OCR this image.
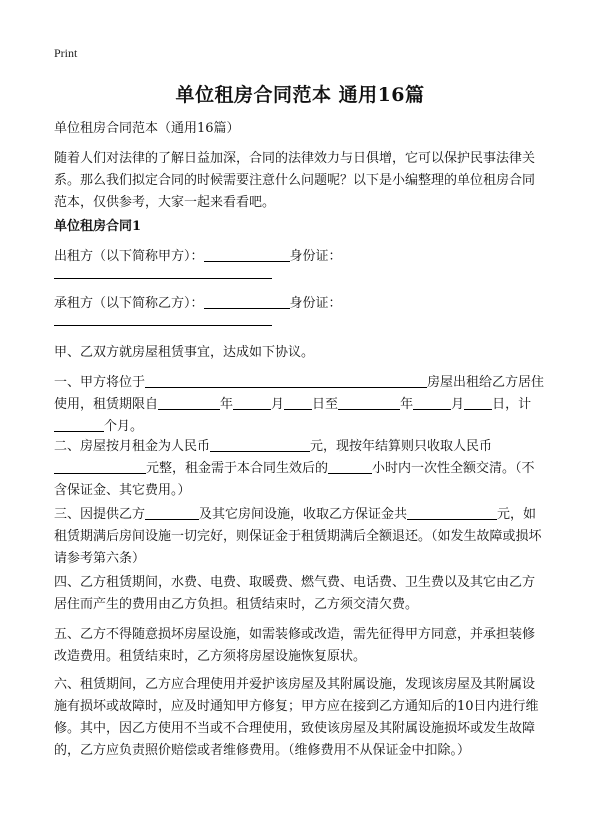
Print
单位租房合同范本 通用16篇
单位租房合同范本（通用16篇）
随着人们对法律的了解日益加深，合同的法律效力与日俱增，它可以保护民事法律关系。那么我们拟定合同的时候需要注意什么问题呢？以下是小编整理的单位租房合同范本，仅供参考，大家一起来看看吧。
单位租房合同1
出租方（以下简称甲方）：	身份证：
承租方（以下简称乙方）：	身份证：
甲、乙双方就房屋租赁事宜，达成如下协议。
一、甲方将位于	房屋出租给乙方居住使用，租赁期限自	年	月 日至	年	月 日，计个月。
二、房屋按月租金为人民币	元，现按年结算则只收取人民币元整，租金需于本合同生效后的	小时内一次性全额交清。（不含保证金、其它费用。）
三、因提供乙方	及其它房间设施，收取乙方保证金共	元，如租赁期满后房间设施一切完好，则保证金于租赁期满后全额退还。（如发生故障或损坏请参考第六条）
四、乙方租赁期间，水费、电费、取暖费、燃气费、电话费、卫生费以及其它由乙方居住而产生的费用由乙方负担。租赁结束时，乙方须交清欠费。
五、乙方不得随意损坏房屋设施，如需装修或改造，需先征得甲方同意，并承担装修改造费用。租赁结束时，乙方须将房屋设施恢复原状。
六、租赁期间，乙方应合理使用并爱护该房屋及其附属设施，发现该房屋及其附属设施有损坏或故障时，应及时通知甲方修复；甲方应在接到乙方通知后的10日内进行维修。其中，因乙方使用不当或不合理使用，致使该房屋及其附属设施损坏或发生故障的，乙方应负责照价赔偿或者维修费用。（维修费用不从保证金中扣除。）
